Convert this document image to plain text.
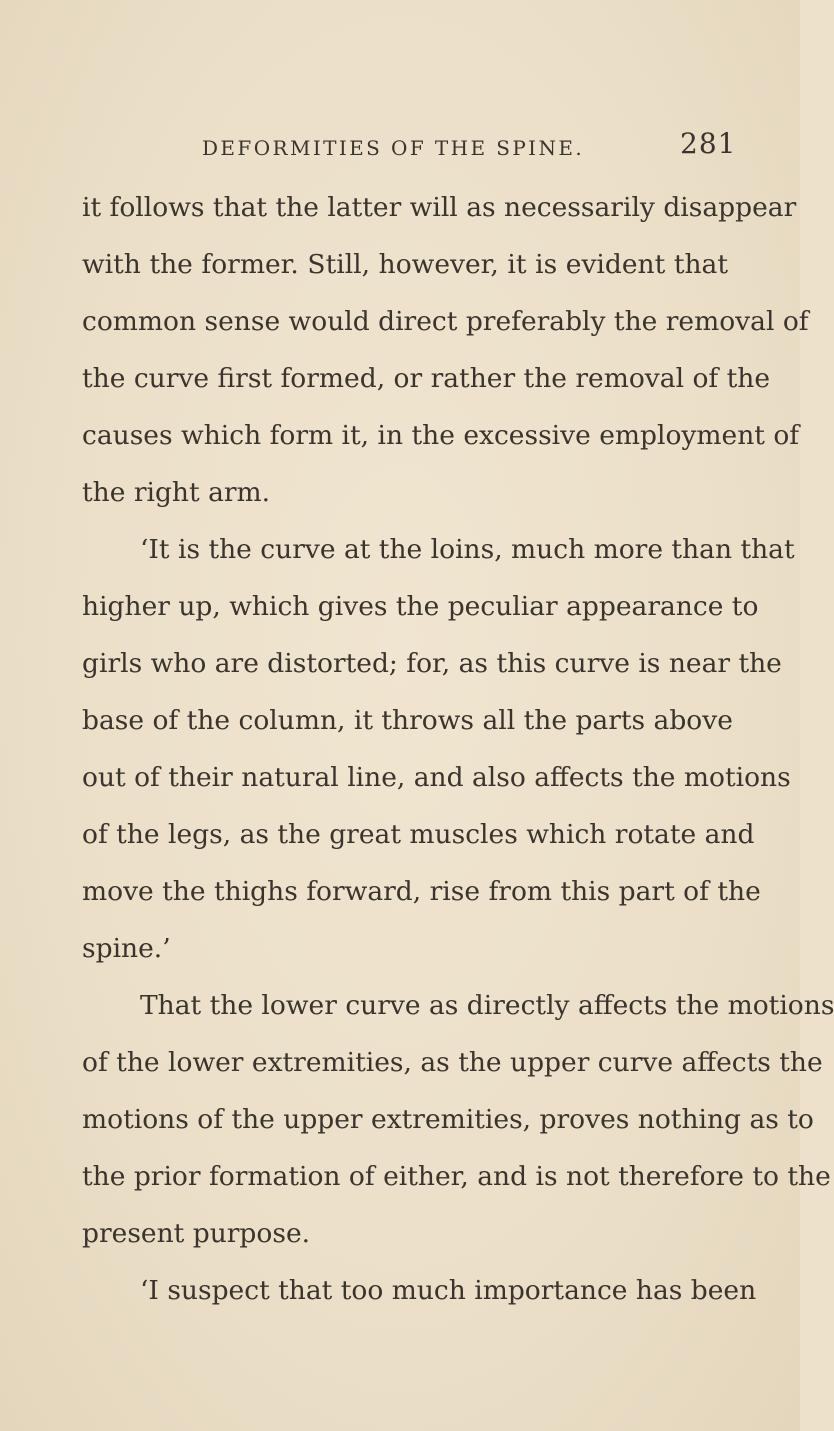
DEFORMITIES OF THE SPINE.	281
it follows that the latter will as necessarily disappear
with the former. Still, however, it is evident that
common sense would direct preferably the removal of
the curve first formed, or rather the removal of the
causes which form it, in the excessive employment of
the right arm.
‘It is the curve at the loins, much more than that
higher up, which gives the peculiar appearance to
girls who are distorted; for, as this curve is near the
base of the column, it throws all the parts above
out of their natural line, and also affects the motions
of the legs, as the great muscles which rotate and
move the thighs forward, rise from this part of the
spine.’
That the lower curve as directly affects the motions
of the lower extremities, as the upper curve affects the
motions of the upper extremities, proves nothing as to
the prior formation of either, and is not therefore to the
present purpose.
‘I suspect that too much importance has been
